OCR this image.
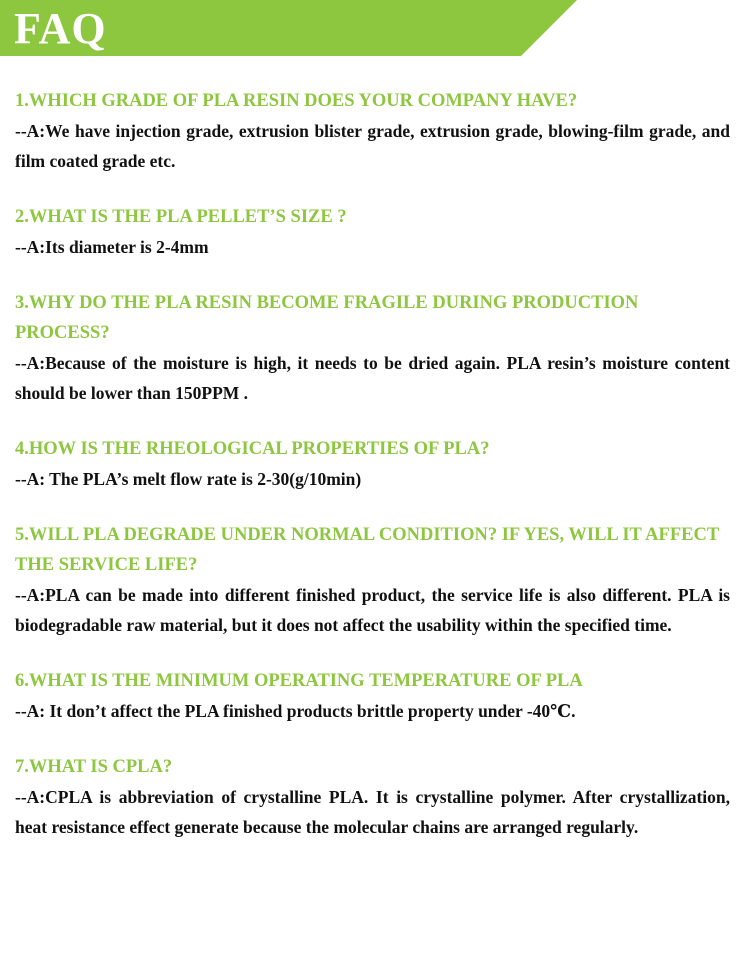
FAQ
1.WHICH GRADE OF PLA RESIN DOES YOUR COMPANY HAVE?
--A:We have injection grade, extrusion blister grade, extrusion grade, blowing-film grade, and film coated grade etc.
2.WHAT IS THE PLA PELLET’S SIZE ?
--A:Its diameter is 2-4mm
3.WHY DO THE PLA RESIN BECOME FRAGILE DURING PRODUCTION PROCESS?
--A:Because of the moisture is high, it needs to be dried again. PLA resin’s moisture content should be lower than 150PPM .
4.HOW IS THE RHEOLOGICAL PROPERTIES OF PLA?
--A: The PLA’s melt flow rate is 2-30(g/10min)
5.WILL PLA DEGRADE UNDER NORMAL CONDITION? IF YES, WILL IT AFFECT THE SERVICE LIFE?
--A:PLA can be made into different finished product, the service life is also different. PLA is biodegradable raw material, but it does not affect the usability within the specified time.
6.WHAT IS THE MINIMUM OPERATING TEMPERATURE OF PLA
--A: It don’t affect the PLA finished products brittle property under -40℃.
7.WHAT IS CPLA?
--A:CPLA is abbreviation of crystalline PLA. It is crystalline polymer. After crystallization, heat resistance effect generate because the molecular chains are arranged regularly.
